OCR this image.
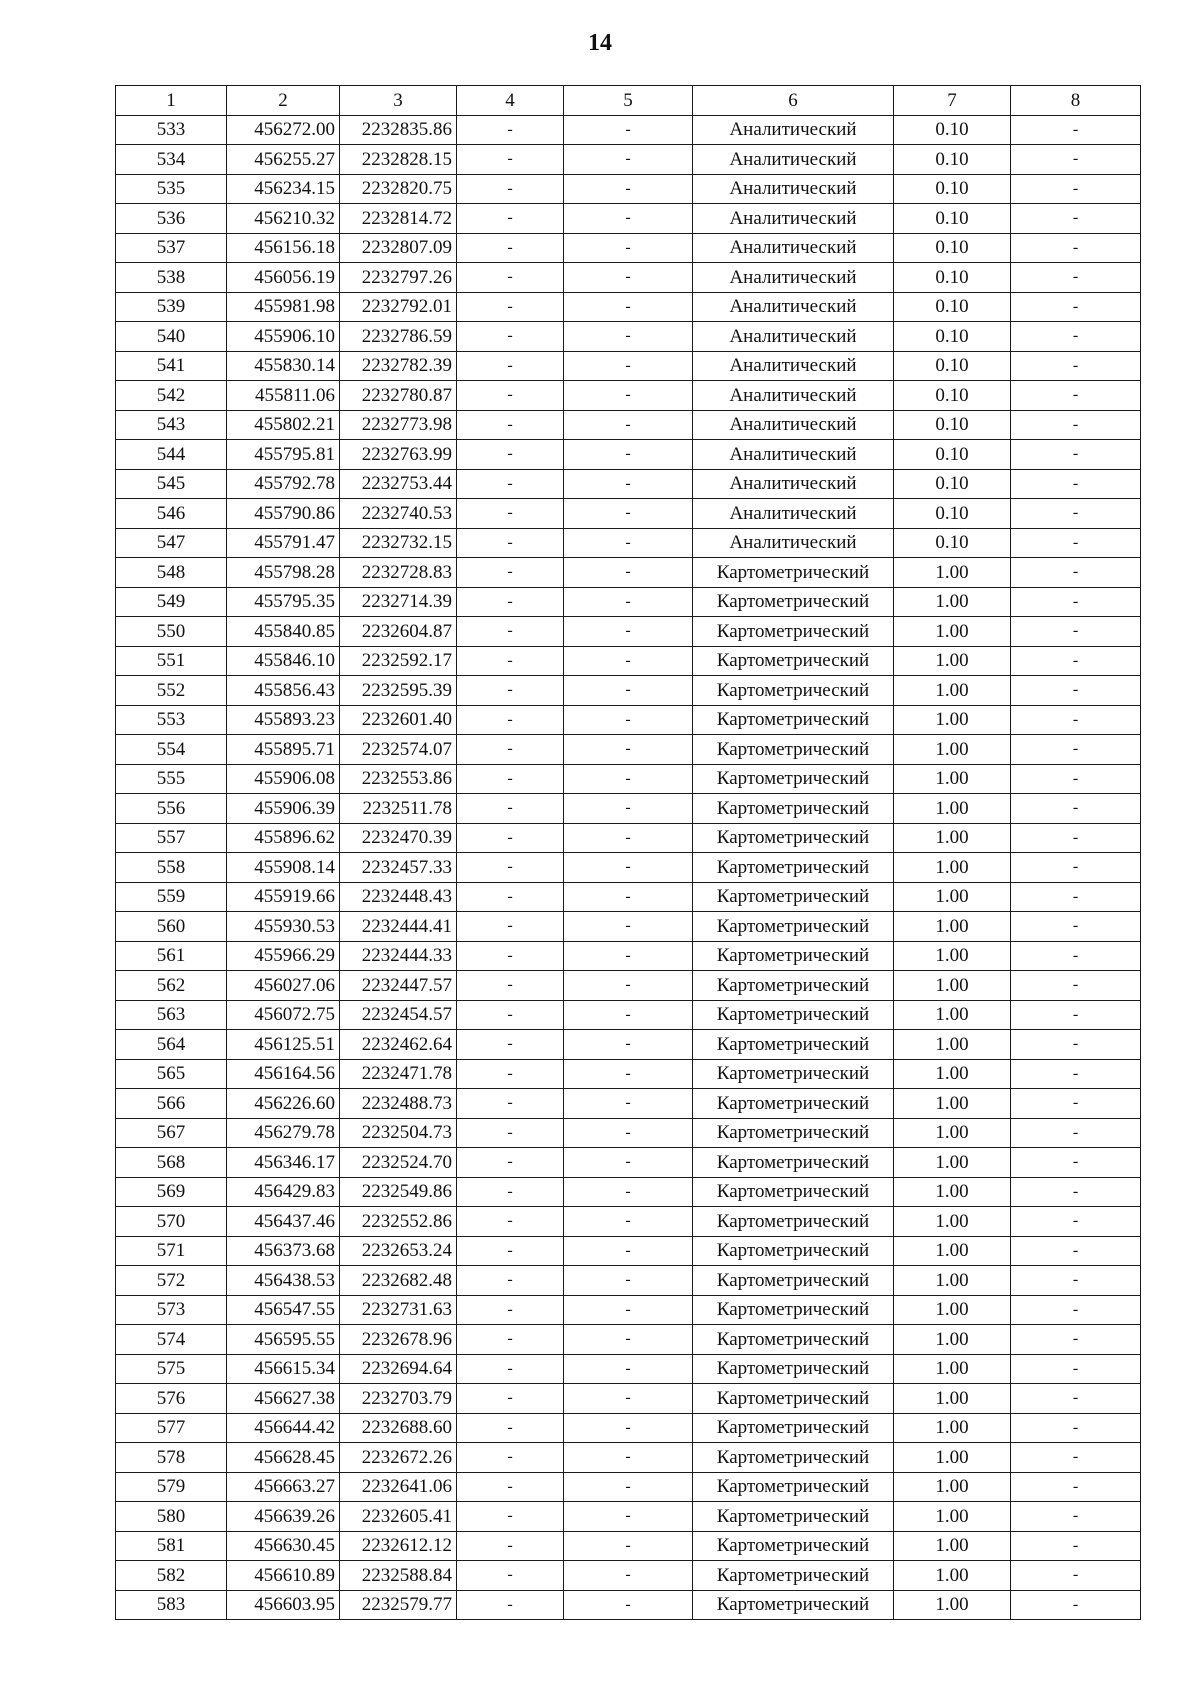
14
1	2	3	4	5	6	7	8
533	456272.00	2232835.86	-	-	Аналитический	0.10	-
534	456255.27	2232828.15	-	-	Аналитический	0.10	-
535	456234.15	2232820.75	-	-	Аналитический	0.10	-
536	456210.32	2232814.72	-	-	Аналитический	0.10	-
537	456156.18	2232807.09	-	-	Аналитический	0.10	-
538	456056.19	2232797.26	-	-	Аналитический	0.10	-
539	455981.98	2232792.01	-	-	Аналитический	0.10	-
540	455906.10	2232786.59	-	-	Аналитический	0.10	-
541	455830.14	2232782.39	-	-	Аналитический	0.10	-
542	455811.06	2232780.87	-	-	Аналитический	0.10	-
543	455802.21	2232773.98	-	-	Аналитический	0.10	-
544	455795.81	2232763.99	-	-	Аналитический	0.10	-
545	455792.78	2232753.44	-	-	Аналитический	0.10	-
546	455790.86	2232740.53	-	-	Аналитический	0.10	-
547	455791.47	2232732.15	-	-	Аналитический	0.10	-
548	455798.28	2232728.83	-	-	Картометрический	1.00	-
549	455795.35	2232714.39	-	-	Картометрический	1.00	-
550	455840.85	2232604.87	-	-	Картометрический	1.00	-
551	455846.10	2232592.17	-	-	Картометрический	1.00	-
552	455856.43	2232595.39	-	-	Картометрический	1.00	-
553	455893.23	2232601.40	-	-	Картометрический	1.00	-
554	455895.71	2232574.07	-	-	Картометрический	1.00	-
555	455906.08	2232553.86	-	-	Картометрический	1.00	-
556	455906.39	2232511.78	-	-	Картометрический	1.00	-
557	455896.62	2232470.39	-	-	Картометрический	1.00	-
558	455908.14	2232457.33	-	-	Картометрический	1.00	-
559	455919.66	2232448.43	-	-	Картометрический	1.00	-
560	455930.53	2232444.41	-	-	Картометрический	1.00	-
561	455966.29	2232444.33	-	-	Картометрический	1.00	-
562	456027.06	2232447.57	-	-	Картометрический	1.00	-
563	456072.75	2232454.57	-	-	Картометрический	1.00	-
564	456125.51	2232462.64	-	-	Картометрический	1.00	-
565	456164.56	2232471.78	-	-	Картометрический	1.00	-
566	456226.60	2232488.73	-	-	Картометрический	1.00	-
567	456279.78	2232504.73	-	-	Картометрический	1.00	-
568	456346.17	2232524.70	-	-	Картометрический	1.00	-
569	456429.83	2232549.86	-	-	Картометрический	1.00	-
570	456437.46	2232552.86	-	-	Картометрический	1.00	-
571	456373.68	2232653.24	-	-	Картометрический	1.00	-
572	456438.53	2232682.48	-	-	Картометрический	1.00	-
573	456547.55	2232731.63	-	-	Картометрический	1.00	-
574	456595.55	2232678.96	-	-	Картометрический	1.00	-
575	456615.34	2232694.64	-	-	Картометрический	1.00	-
576	456627.38	2232703.79	-	-	Картометрический	1.00	-
577	456644.42	2232688.60	-	-	Картометрический	1.00	-
578	456628.45	2232672.26	-	-	Картометрический	1.00	-
579	456663.27	2232641.06	-	-	Картометрический	1.00	-
580	456639.26	2232605.41	-	-	Картометрический	1.00	-
581	456630.45	2232612.12	-	-	Картометрический	1.00	-
582	456610.89	2232588.84	-	-	Картометрический	1.00	-
583	456603.95	2232579.77	-	-	Картометрический	1.00	-
